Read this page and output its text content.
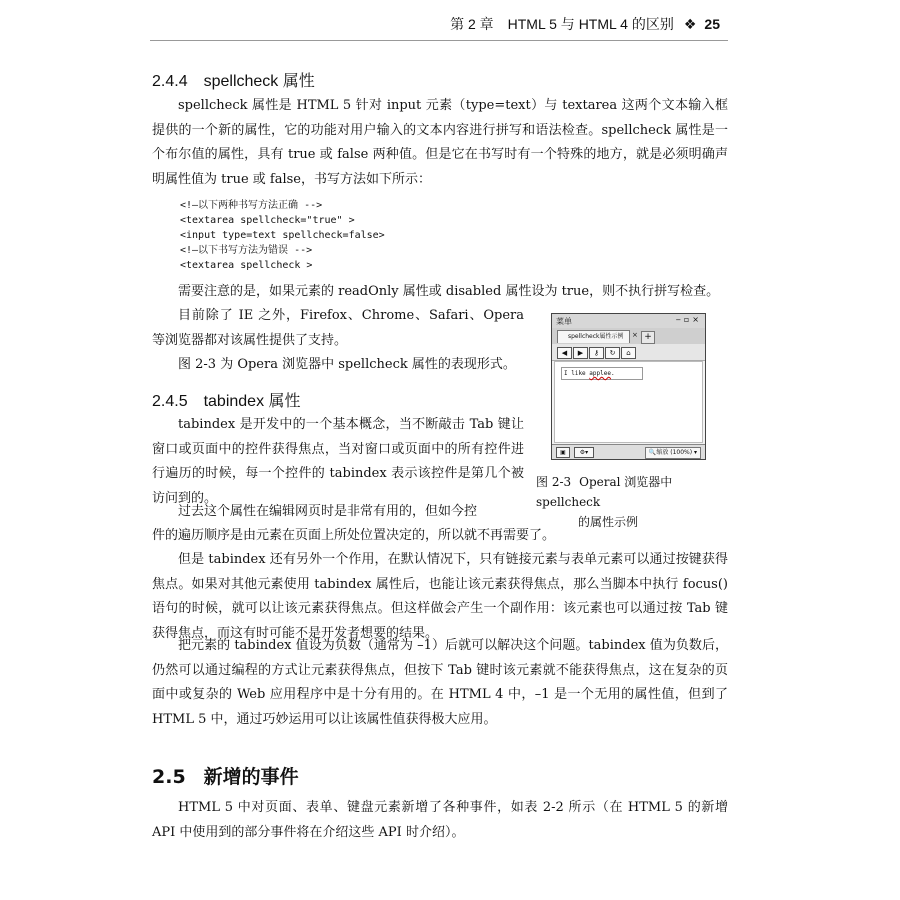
第 2 章　HTML 5 与 HTML 4 的区别 ❖ 25
2.4.4　spellcheck 属性

spellcheck 属性是 HTML 5 针对 input 元素（type=text）与 textarea 这两个文本输入框提供的一个新的属性，它的功能对用户输入的文本内容进行拼写和语法检查。spellcheck 属性是一个布尔值的属性，具有 true 或 false 两种值。但是它在书写时有一个特殊的地方，就是必须明确声明属性值为 true 或 false，书写方法如下所示：

<!—以下两种书写方法正确 -->
<textarea spellcheck="true" >
<input type=text spellcheck=false>
<!—以下书写方法为错误 -->
<textarea spellcheck >

需要注意的是，如果元素的 readOnly 属性或 disabled 属性设为 true，则不执行拼写检查。

目前除了 IE 之外，Firefox、Chrome、Safari、Opera 等浏览器都对该属性提供了支持。

图 2-3 为 Opera 浏览器中 spellcheck 属性的表现形式。

2.4.5　tabindex 属性

tabindex 是开发中的一个基本概念，当不断敲击 Tab 键让窗口或页面中的控件获得焦点，当对窗口或页面中的所有控件进行遍历的时候，每一个控件的 tabindex 表示该控件是第几个被访问到的。

过去这个属性在编辑网页时是非常有用的，但如今控

件的遍历顺序是由元素在页面上所处位置决定的，所以就不再需要了。

但是 tabindex 还有另外一个作用，在默认情况下，只有链接元素与表单元素可以通过按键获得焦点。如果对其他元素使用 tabindex 属性后，也能让该元素获得焦点，那么当脚本中执行 focus() 语句的时候，就可以让该元素获得焦点。但这样做会产生一个副作用：该元素也可以通过按 Tab 键获得焦点，而这有时可能不是开发者想要的结果。

把元素的 tabindex 值设为负数（通常为 –1）后就可以解决这个问题。tabindex 值为负数后，仍然可以通过编程的方式让元素获得焦点，但按下 Tab 键时该元素就不能获得焦点，这在复杂的页面中或复杂的 Web 应用程序中是十分有用的。在 HTML 4 中，–1 是一个无用的属性值，但到了 HTML 5 中，通过巧妙运用可以让该属性值获得极大应用。

2.5 新增的事件

HTML 5 中对页面、表单、键盘元素新增了各种事件，如表 2-2 所示（在 HTML 5 的新增 API 中使用到的部分事件将在介绍这些 API 时介绍）。

菜单	‒▫×
spellcheck属性示例	× +
◀	▶	⚷	↻	⌂
I like applee.
▣	⚙▾	🔍缩放 (100%) ▾
图 2-3 Operal 浏览器中 spellcheck
的属性示例
